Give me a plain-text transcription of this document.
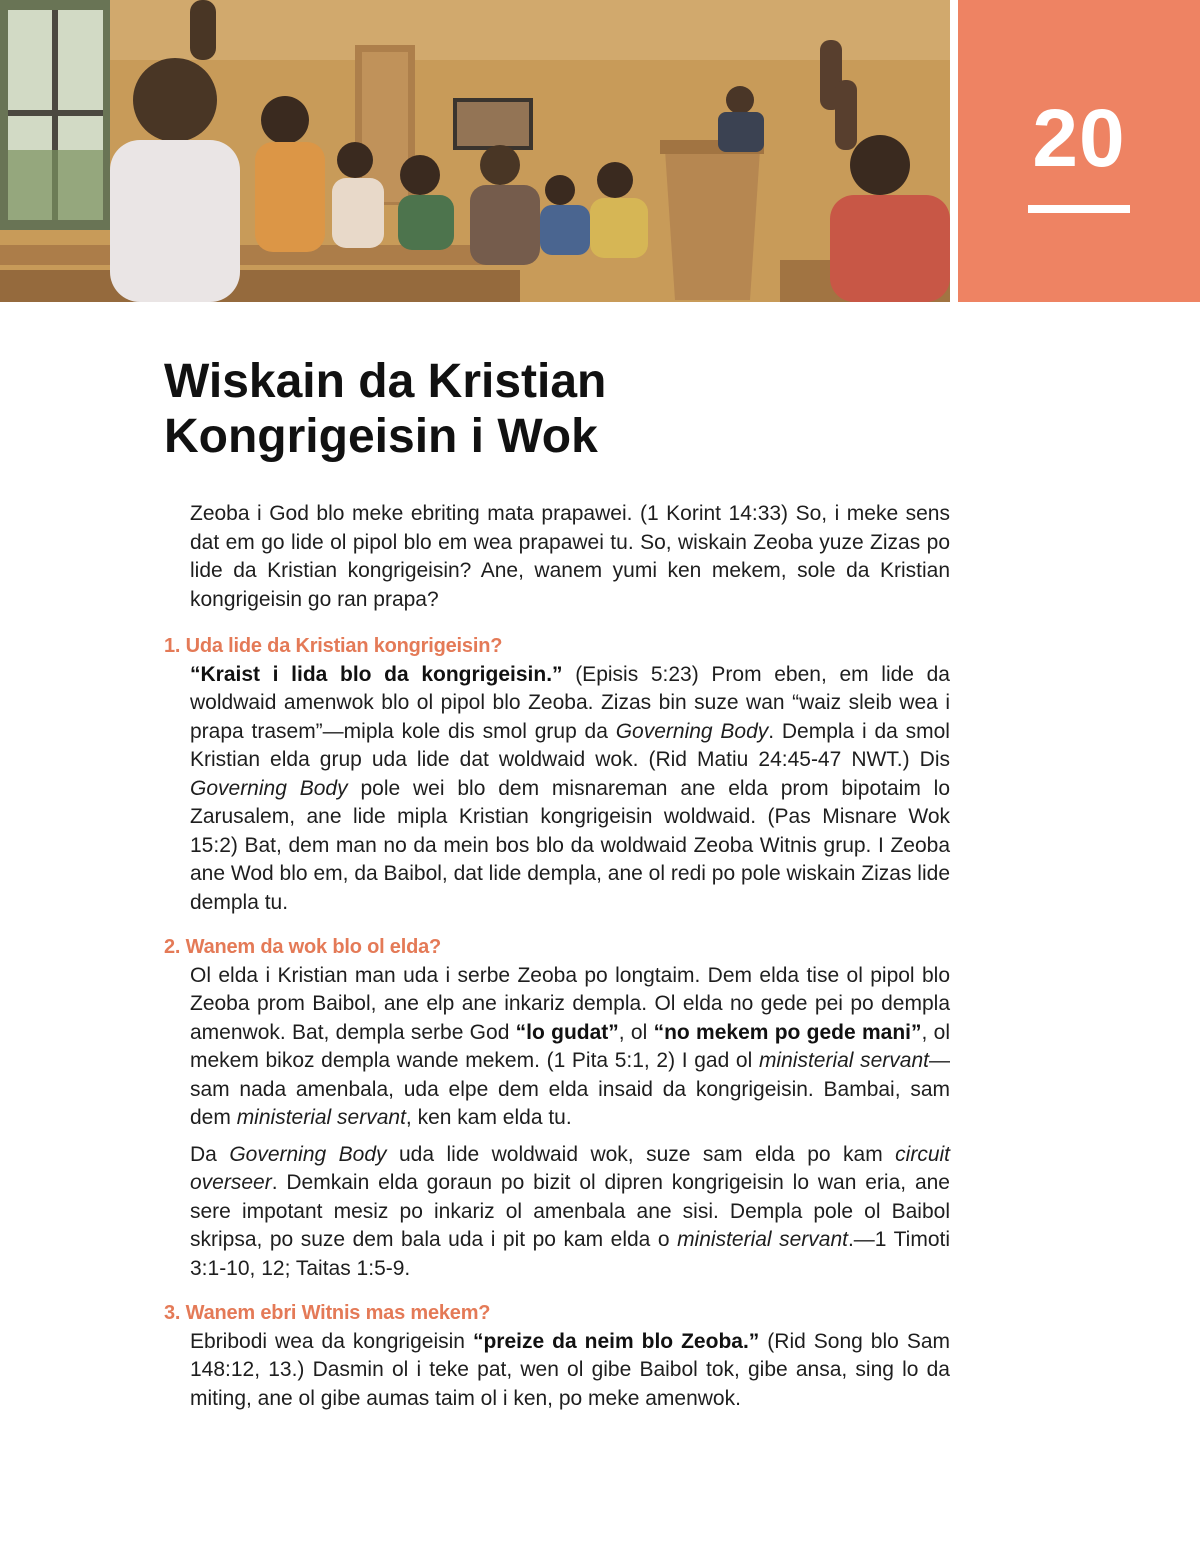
20
Wiskain da Kristian
Kongrigeisin i Wok

Zeoba i God blo meke ebriting mata prapawei. (1 Korint 14:33) So, i meke sens dat em go lide ol pipol blo em wea prapawei tu. So, wiskain Zeoba yuze Zizas po lide da Kristian kongrigeisin? Ane, wanem yumi ken mekem, sole da Kristian kongrigeisin go ran prapa?

1. Uda lide da Kristian kongrigeisin?

“Kraist i lida blo da kongrigeisin.” (Episis 5:23) Prom eben, em lide da woldwaid amenwok blo ol pipol blo Zeoba. Zizas bin suze wan “waiz sleib wea i prapa trasem”—mipla kole dis smol grup da Governing Body. Dempla i da smol Kristian elda grup uda lide dat woldwaid wok. (Rid Matiu 24:45-47 NWT.) Dis Governing Body pole wei blo dem misnareman ane elda prom bipotaim lo Zarusalem, ane lide mipla Kristian kongrigeisin woldwaid. (Pas Misnare Wok 15:2) Bat, dem man no da mein bos blo da woldwaid Zeoba Witnis grup. I Zeoba ane Wod blo em, da Baibol, dat lide dempla, ane ol redi po pole wiskain Zizas lide dempla tu.

2. Wanem da wok blo ol elda?

Ol elda i Kristian man uda i serbe Zeoba po longtaim. Dem elda tise ol pipol blo Zeoba prom Baibol, ane elp ane inkariz dempla. Ol elda no gede pei po dempla amenwok. Bat, dempla serbe God “lo gudat”, ol “no mekem po gede mani”, ol mekem bikoz dempla wande mekem. (1 Pita 5:1, 2) I gad ol ministerial servant—sam nada amenbala, uda elpe dem elda insaid da kongrigeisin. Bambai, sam dem ministerial servant, ken kam elda tu.

Da Governing Body uda lide woldwaid wok, suze sam elda po kam circuit overseer. Demkain elda goraun po bizit ol dipren kongrigeisin lo wan eria, ane sere impotant mesiz po inkariz ol amenbala ane sisi. Dempla pole ol Baibol skripsa, po suze dem bala uda i pit po kam elda o ministerial servant.—1 Timoti 3:1-10, 12; Taitas 1:5-9.

3. Wanem ebri Witnis mas mekem?

Ebribodi wea da kongrigeisin “preize da neim blo Zeoba.” (Rid Song blo Sam 148:12, 13.) Dasmin ol i teke pat, wen ol gibe Baibol tok, gibe ansa, sing lo da miting, ane ol gibe aumas taim ol i ken, po meke amenwok.
